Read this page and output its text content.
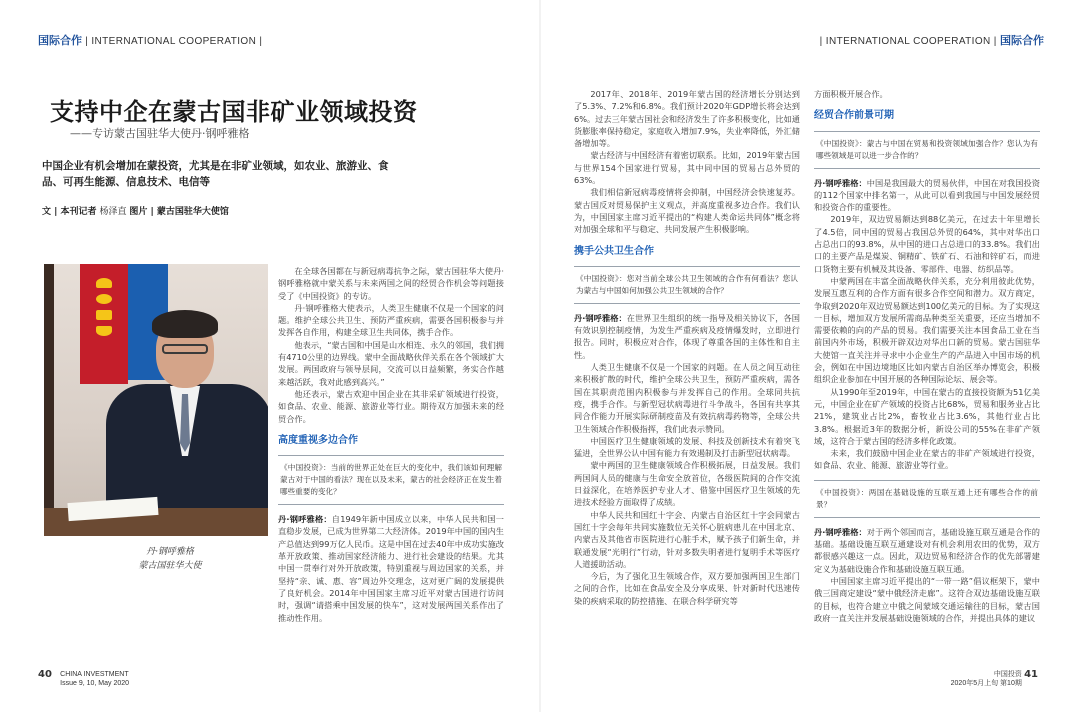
国际合作 | INTERNATIONAL COOPERATION |	| INTERNATIONAL COOPERATION | 国际合作
支持中企在蒙古国非矿业领域投资
——专访蒙古国驻华大使丹·钢呼雅格
中国企业有机会增加在蒙投资，尤其是在非矿业领域，如农业、旅游业、食品、可再生能源、信息技术、电信等
文 | 本刊记者 杨泽直 图片 | 蒙古国驻华大使馆
丹·钢呼雅格
蒙古国驻华大使

在全球各国都在与新冠病毒抗争之际，蒙古国驻华大使丹·钢呼雅格就中蒙关系与未来两国之间的经贸合作机会等问题接受了《中国投资》的专访。

丹·钢呼雅格大使表示，人类卫生健康不仅是一个国家的问题。维护全球公共卫生、预防严重疾病，需要各国积极参与并发挥各自作用，构建全球卫生共同体，携手合作。

他表示，“蒙古国和中国是山水相连、永久的邻国，我们拥有4710公里的边界线。蒙中全面战略伙伴关系在各个领域扩大发展。两国政府与领导层间，交流可以日益频繁，务实合作越来越活跃，我对此感到高兴。”

他还表示，蒙古欢迎中国企业在其非采矿领域进行投资，如食品、农业、能源、旅游业等行业。期待双方加强未来的经贸合作。

高度重视多边合作
《中国投资》：当前的世界正处在巨大的变化中，我们该如何理解蒙古对于中国的看法？现在以及未来，蒙古的社会经济正在发生着哪些重要的变化？

丹·钢呼雅格：自1949年新中国成立以来，中华人民共和国一直稳步发展，已成为世界第二大经济体。2019年中国的国内生产总值达到99万亿人民币。这是中国在过去40年中成功实施改革开放政策、推动国家经济能力、进行社会建设的结果。尤其中国一贯奉行对外开放政策，特别重视与周边国家的关系，并坚持“亲、诚、惠、容”周边外交理念，这对更广阔的发展提供了良好机会。2014年中国国家主席习近平对蒙古国进行访问时，强调“请搭乘中国发展的快车”，这对发展两国关系作出了推动性作用。

2017年、2018年、2019年蒙古国的经济增长分别达到了5.3%、7.2%和6.8%。我们预计2020年GDP增长将会达到6%。过去三年蒙古国社会和经济发生了许多积极变化，比如通货膨胀率保持稳定，家庭收入增加7.9%，失业率降低，外汇储备增加等。

蒙古经济与中国经济有着密切联系。比如，2019年蒙古国与世界154个国家进行贸易，其中同中国的贸易占总外贸的63%。

我们相信新冠病毒疫情将会抑制，中国经济会快速复苏。蒙古国反对贸易保护主义观点，并高度重视多边合作。我们认为，中国国家主席习近平提出的“构建人类命运共同体”概念将对加强全球和平与稳定、共同发展产生积极影响。

携手公共卫生合作
《中国投资》：您对当前全球公共卫生领域的合作有何看法？您认为蒙古与中国如何加强公共卫生领域的合作？

丹·钢呼雅格：在世界卫生组织的统一指导及相关协议下，各国有效识别控制疫情，为发生严重疾病及疫情爆发时，立即进行报告。同时，积极应对合作，体现了尊重各国的主体性和自主性。

人类卫生健康不仅是一个国家的问题。在人员之间互动往来积极扩散的时代，维护全球公共卫生，预防严重疾病，需各国在其职责范围内积极参与并发挥自己的作用。全球同共抗疫，携手合作。与新型冠状病毒进行斗争战斗，各国有共享其同合作能力开展实际研制疫苗及有效抗病毒药物等，全球公共卫生领域合作积极指挥，我们此表示赞同。

中国医疗卫生健康领域的发展、科技及创新技术有着突飞猛进，全世界公认中国有能力有效遏制及打击新型冠状病毒。

蒙中两国的卫生健康领域合作积极拓展，日益发展。我们两国间人员的健康与生命安全放首位，各级医院间的合作交流日益深化，在培养医护专业人才、借鉴中国医疗卫生领域的先进技术经验方面取得了成绩。

中华人民共和国红十字会、内蒙古自治区红十字会同蒙古国红十字会每年共同实施数位无关怀心脏病患儿在中国北京、内蒙古及其他省市医院进行心脏手术，赋予孩子们新生命，并联通发展“光明行”行动，针对多数失明者进行复明手术等医疗人道援助活动。

今后，为了强化卫生领域合作，双方要加强两国卫生部门之间的合作，比如在食品安全及分享成果、针对新时代迅速传染的疾病采取的防控措施、在联合科学研究等

方面积极开展合作。

经贸合作前景可期
《中国投资》：蒙古与中国在贸易和投资领域加强合作？您认为有哪些领域是可以进一步合作的？

丹·钢呼雅格：中国是我国最大的贸易伙伴，中国在对我国投资的112个国家中排名第一，从此可以看到我国与中国发展经贸和投资合作的重要性。

2019年，双边贸易额达到88亿美元，在过去十年里增长了4.5倍，同中国的贸易占我国总外贸的64%，其中对华出口占总出口的93.8%，从中国的进口占总进口的33.8%。我们出口的主要产品是煤炭、铜精矿、铁矿石、石油和锌矿石，而进口货物主要有机械及其设备、零部件、电器、纺织品等。

中蒙两国在丰富全面战略伙伴关系，充分利用彼此优势，发展互惠互利的合作方面有很多合作空间和潜力。双方商定，争取到2020年双边贸易额达到100亿美元的目标。为了实现这一目标，增加双方发展所需商品种类至关重要，还应当增加不需要依赖的向的产品的贸易。我们需要关注本国食品工业在当前国内外市场，积极开辟双边对华出口新的贸易。蒙古国驻华大使馆一直关注并寻求中小企业生产的产品进入中国市场的机会，例如在中国边境地区比如内蒙古自治区举办博览会，积极组织企业参加在中国开展的各种国际论坛、展会等。

从1990年至2019年，中国在蒙古的直接投资额为51亿美元，中国企业在矿产领域的投资占比68%，贸易和服务业占比21%，建筑业占比2%，畜牧业占比3.6%，其他行业占比3.8%。根据近3年的数据分析，新设公司的55%在非矿产领域，这符合于蒙古国的经济多样化政策。

未来，我们鼓励中国企业在蒙古的非矿产领域进行投资，如食品、农业、能源、旅游业等行业。

《中国投资》：两国在基础设施的互联互通上还有哪些合作的前景？

丹·钢呼雅格：对于两个邻国而言，基础设施互联互通是合作的基础。基础设施互联互通建设对有机会利用农田的优势，双方都很感兴趣这一点。因此，双边贸易和经济合作的优先部署建定义为基础设施合作和基础设施互联互通。

中国国家主席习近平提出的“一带一路”倡议框架下，蒙中俄三国商定建设“蒙中俄经济走廊”。这符合双边基础设施互联的目标，也符合建立中俄之间蒙域交通运输往的目标，蒙古国政府一直关注并发展基础设施领域的合作，并提出具体的建议

40 CHINA INVESTMENT
Issue 9, 10, May 2020
中国投资
2020年5月上旬 第10期 41
